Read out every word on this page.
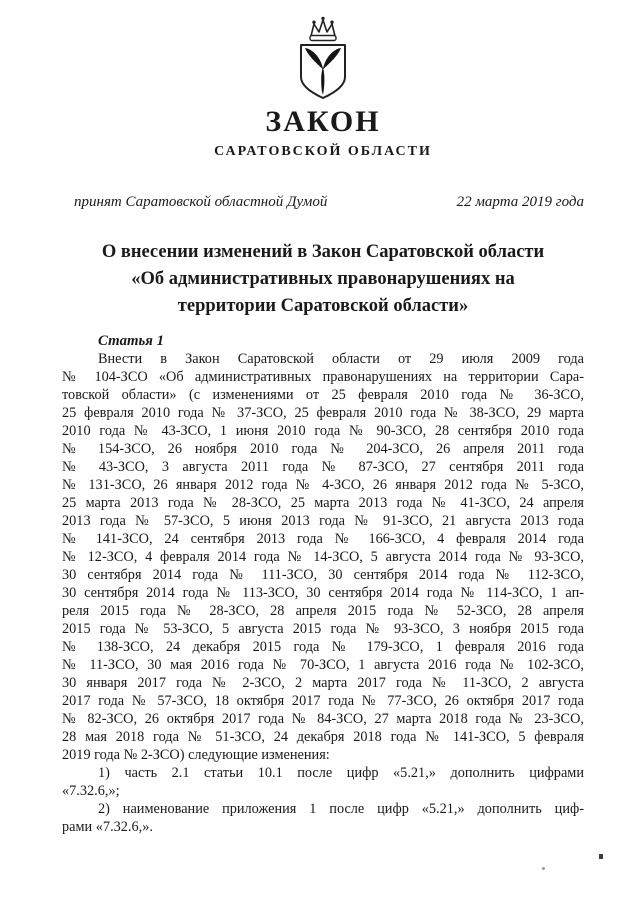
ЗАКОН
САРАТОВСКОЙ ОБЛАСТИ
принят Саратовской областной Думой	22 марта 2019 года
О внесении изменений в Закон Саратовской области
«Об административных правонарушениях на
территории Саратовской области»
Статья 1
Внести в Закон Саратовской области от 29 июля 2009 года
№ 104-ЗСО «Об административных правонарушениях на территории Сара-
товской области» (с изменениями от 25 февраля 2010 года № 36-ЗСО,
25 февраля 2010 года № 37-ЗСО, 25 февраля 2010 года № 38-ЗСО, 29 марта
2010 года № 43-ЗСО, 1 июня 2010 года № 90-ЗСО, 28 сентября 2010 года
№ 154-ЗСО, 26 ноября 2010 года № 204-ЗСО, 26 апреля 2011 года
№ 43-ЗСО, 3 августа 2011 года № 87-ЗСО, 27 сентября 2011 года
№ 131-ЗСО, 26 января 2012 года № 4-ЗСО, 26 января 2012 года № 5-ЗСО,
25 марта 2013 года № 28-ЗСО, 25 марта 2013 года № 41-ЗСО, 24 апреля
2013 года № 57-ЗСО, 5 июня 2013 года № 91-ЗСО, 21 августа 2013 года
№ 141-ЗСО, 24 сентября 2013 года № 166-ЗСО, 4 февраля 2014 года
№ 12-ЗСО, 4 февраля 2014 года № 14-ЗСО, 5 августа 2014 года № 93-ЗСО,
30 сентября 2014 года № 111-ЗСО, 30 сентября 2014 года № 112-ЗСО,
30 сентября 2014 года № 113-ЗСО, 30 сентября 2014 года № 114-ЗСО, 1 ап-
реля 2015 года № 28-ЗСО, 28 апреля 2015 года № 52-ЗСО, 28 апреля
2015 года № 53-ЗСО, 5 августа 2015 года № 93-ЗСО, 3 ноября 2015 года
№ 138-ЗСО, 24 декабря 2015 года № 179-ЗСО, 1 февраля 2016 года
№ 11-ЗСО, 30 мая 2016 года № 70-ЗСО, 1 августа 2016 года № 102-ЗСО,
30 января 2017 года № 2-ЗСО, 2 марта 2017 года № 11-ЗСО, 2 августа
2017 года № 57-ЗСО, 18 октября 2017 года № 77-ЗСО, 26 октября 2017 года
№ 82-ЗСО, 26 октября 2017 года № 84-ЗСО, 27 марта 2018 года № 23-ЗСО,
28 мая 2018 года № 51-ЗСО, 24 декабря 2018 года № 141-ЗСО, 5 февраля
2019 года № 2-ЗСО) следующие изменения:
1) часть 2.1 статьи 10.1 после цифр «5.21,» дополнить цифрами
«7.32.6,»;
2) наименование приложения 1 после цифр «5.21,» дополнить циф-
рами «7.32.6,».
